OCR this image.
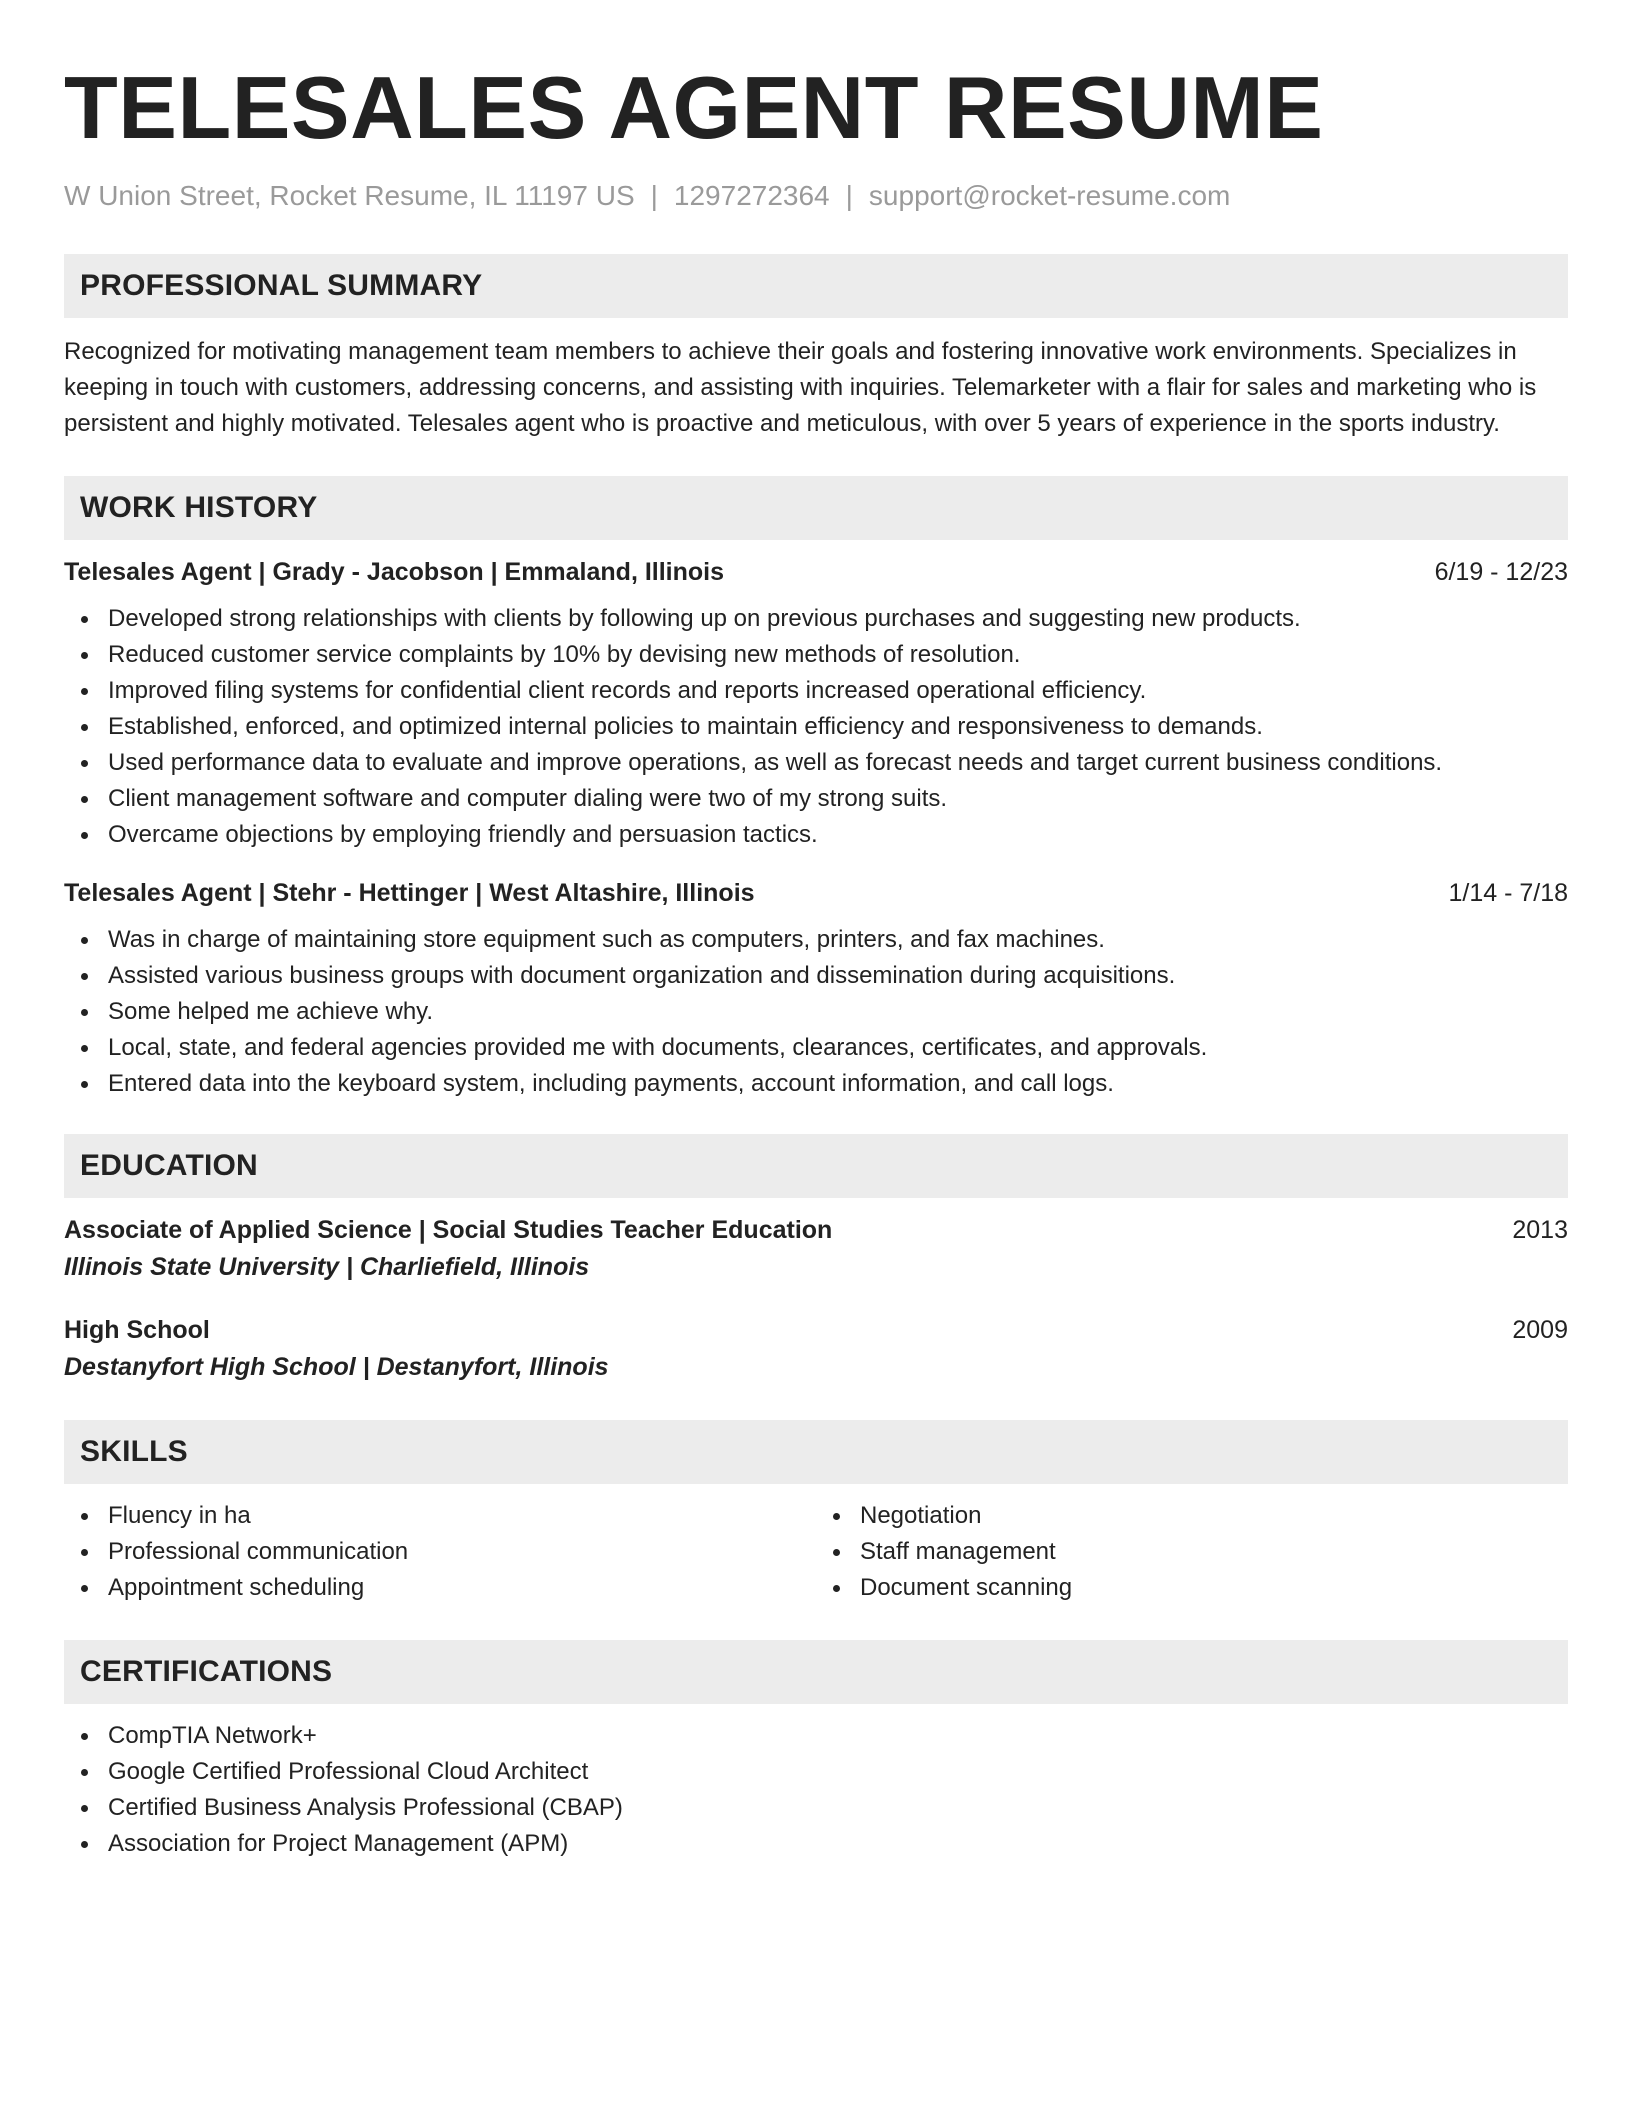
TELESALES AGENT RESUME
W Union Street, Rocket Resume, IL 11197 US | 1297272364 | support@rocket-resume.com
PROFESSIONAL SUMMARY
Recognized for motivating management team members to achieve their goals and fostering innovative work environments. Specializes in keeping in touch with customers, addressing concerns, and assisting with inquiries. Telemarketer with a flair for sales and marketing who is persistent and highly motivated. Telesales agent who is proactive and meticulous, with over 5 years of experience in the sports industry.
WORK HISTORY
Telesales Agent | Grady - Jacobson | Emmaland, Illinois	6/19 - 12/23
Developed strong relationships with clients by following up on previous purchases and suggesting new products.
Reduced customer service complaints by 10% by devising new methods of resolution.
Improved filing systems for confidential client records and reports increased operational efficiency.
Established, enforced, and optimized internal policies to maintain efficiency and responsiveness to demands.
Used performance data to evaluate and improve operations, as well as forecast needs and target current business conditions.
Client management software and computer dialing were two of my strong suits.
Overcame objections by employing friendly and persuasion tactics.
Telesales Agent | Stehr - Hettinger | West Altashire, Illinois	1/14 - 7/18
Was in charge of maintaining store equipment such as computers, printers, and fax machines.
Assisted various business groups with document organization and dissemination during acquisitions.
Some helped me achieve why.
Local, state, and federal agencies provided me with documents, clearances, certificates, and approvals.
Entered data into the keyboard system, including payments, account information, and call logs.
EDUCATION
Associate of Applied Science | Social Studies Teacher Education	2013
Illinois State University | Charliefield, Illinois
High School	2009
Destanyfort High School | Destanyfort, Illinois
SKILLS
Fluency in ha
Professional communication
Appointment scheduling
Negotiation
Staff management
Document scanning
CERTIFICATIONS
CompTIA Network+
Google Certified Professional Cloud Architect
Certified Business Analysis Professional (CBAP)
Association for Project Management (APM)
